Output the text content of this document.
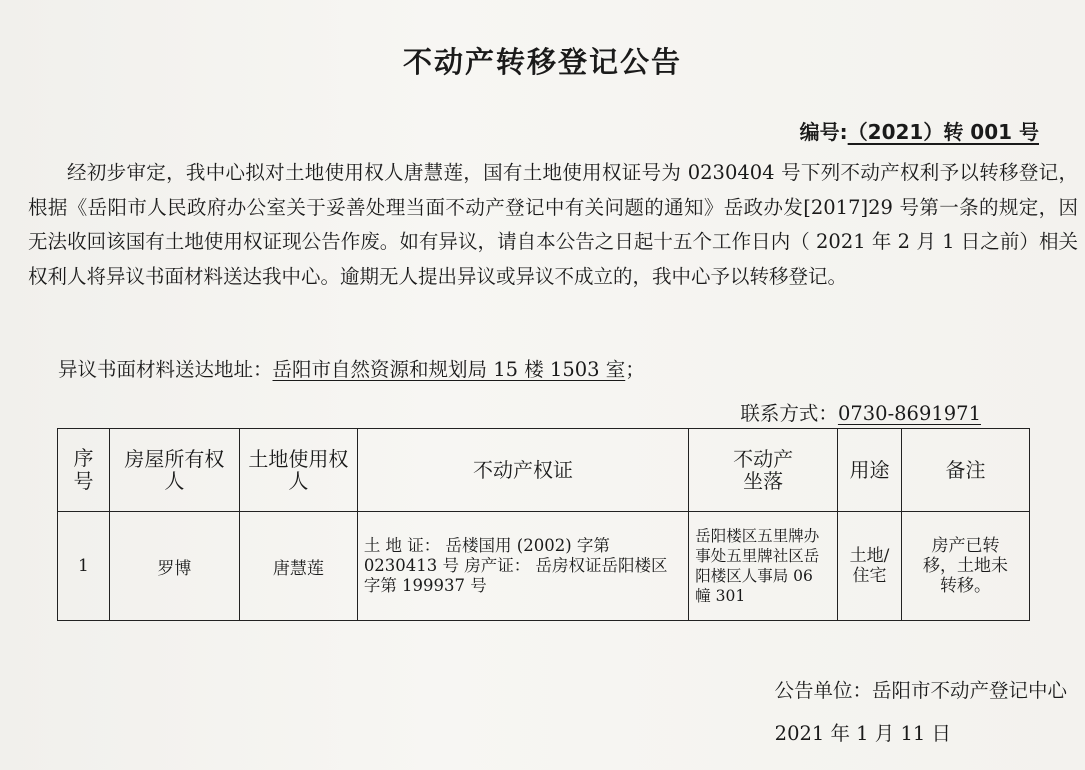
不动产转移登记公告
编号:（2021）转 001 号

经初步审定，我中心拟对土地使用权人唐慧莲，国有土地使用权证号为 0230404 号下列不动产权利予以转移登记，根据《岳阳市人民政府办公室关于妥善处理当面不动产登记中有关问题的通知》岳政办发[2017]29 号第一条的规定，因无法收回该国有土地使用权证现公告作废。如有异议，请自本公告之日起十五个工作日内（ 2021 年 2 月 1 日之前）相关权利人将异议书面材料送达我中心。逾期无人提出异议或异议不成立的，我中心予以转移登记。

异议书面材料送达地址：岳阳市自然资源和规划局 15 楼 1503 室；
联系方式：0730-8691971
序号	房屋所有权人	土地使用权人	不动产权证	不动产坐落	用途	备注
1	罗博	唐慧莲	土 地 证： 岳楼国用 (2002) 字第 0230413 号 房产证： 岳房权证岳阳楼区字第 199937 号	岳阳楼区五里牌办事处五里牌社区岳阳楼区人事局 06 幢 301	土地/住宅	房产已转移，土地未转移。
公告单位：岳阳市不动产登记中心
2021 年 1 月 11 日
